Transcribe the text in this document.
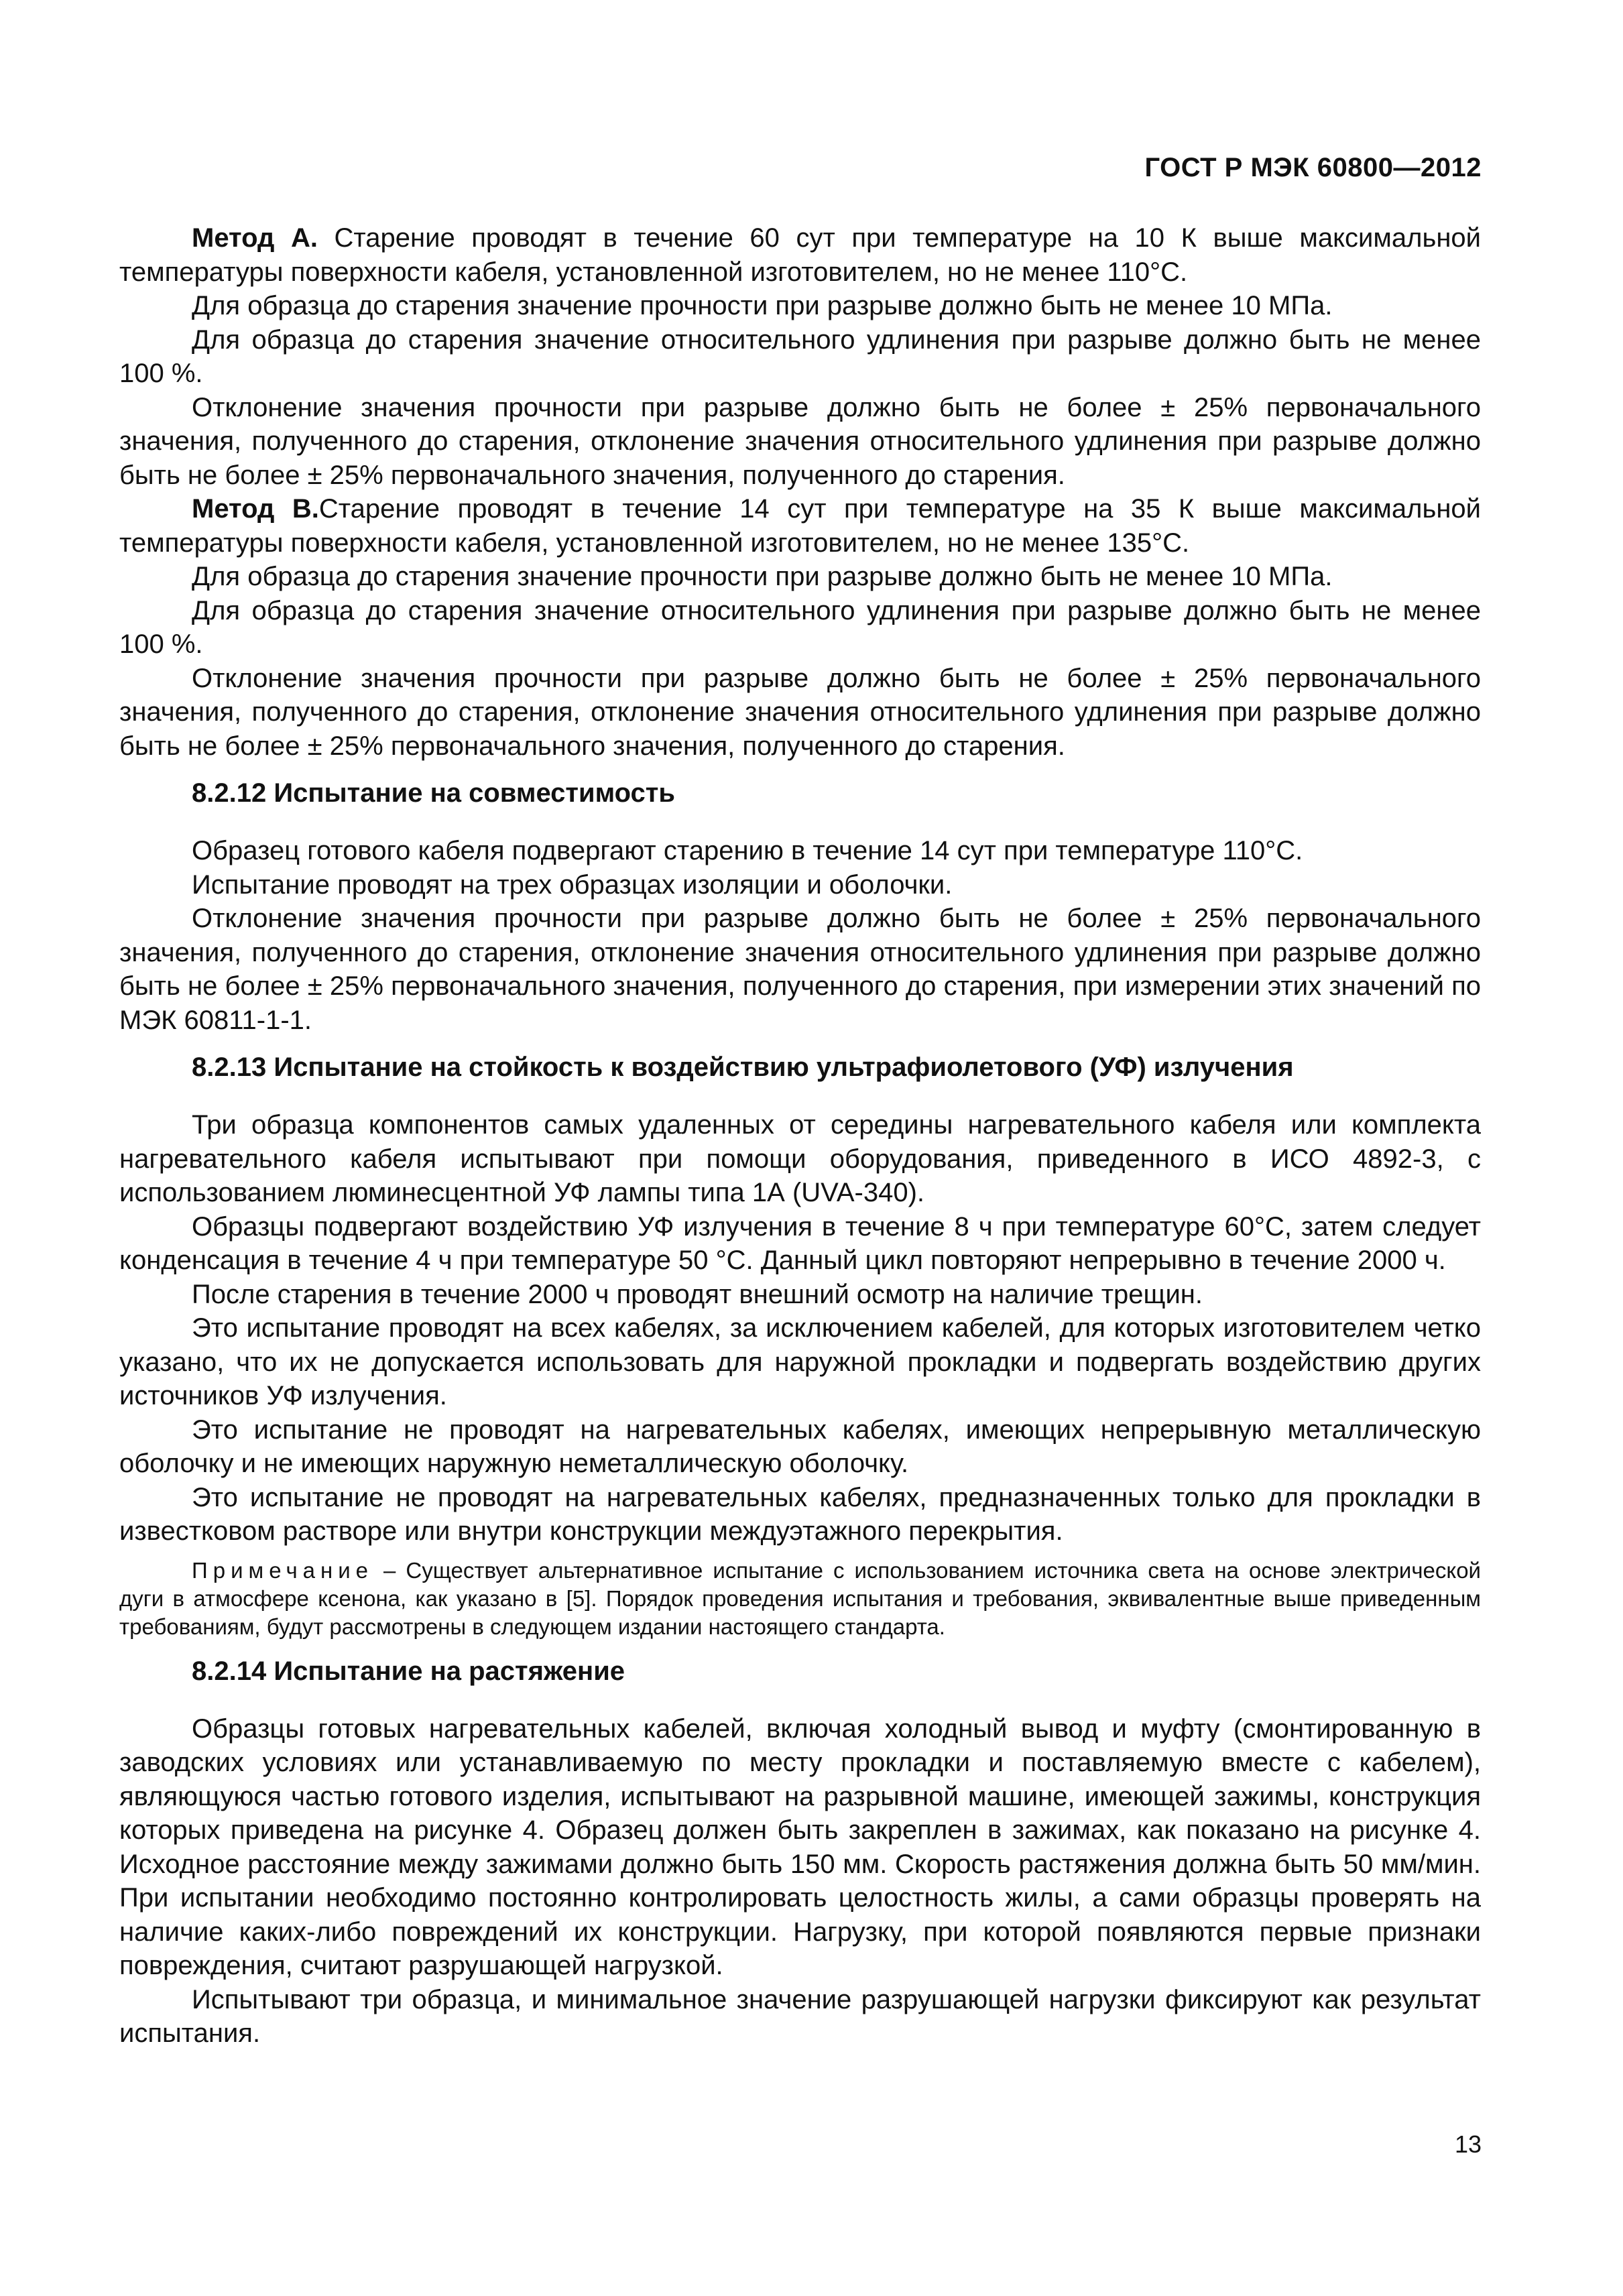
ГОСТ Р МЭК 60800—2012

Метод А. Старение проводят в течение 60 сут при температуре на 10 К выше максимальной температуры поверхности кабеля, установленной изготовителем, но не менее 110°С.

Для образца до старения значение прочности при разрыве должно быть не менее 10 МПа.

Для образца до старения значение относительного удлинения при разрыве должно быть не менее 100 %.

Отклонение значения прочности при разрыве должно быть не более ± 25% первоначального значения, полученного до старения, отклонение значения относительного удлинения при разрыве должно быть не более ± 25% первоначального значения, полученного до старения.

Метод В.Старение проводят в течение 14 сут при температуре на 35 К выше максимальной температуры поверхности кабеля, установленной изготовителем, но не менее 135°С.

Для образца до старения значение прочности при разрыве должно быть не менее 10 МПа.

Для образца до старения значение относительного удлинения при разрыве должно быть не менее 100 %.

Отклонение значения прочности при разрыве должно быть не более ± 25% первоначального значения, полученного до старения, отклонение значения относительного удлинения при разрыве должно быть не более ± 25% первоначального значения, полученного до старения.

8.2.12 Испытание на совместимость

Образец готового кабеля подвергают старению в течение 14 сут при температуре 110°С.

Испытание проводят на трех образцах изоляции и оболочки.

Отклонение значения прочности при разрыве должно быть не более ± 25% первоначального значения, полученного до старения, отклонение значения относительного удлинения при разрыве должно быть не более ± 25% первоначального значения, полученного до старения, при измерении этих значений по МЭК 60811-1-1.

8.2.13 Испытание на стойкость к воздействию ультрафиолетового (УФ) излучения

Три образца компонентов самых удаленных от середины нагревательного кабеля или комплекта нагревательного кабеля испытывают при помощи оборудования, приведенного в ИСО 4892-3, с использованием люминесцентной УФ лампы типа 1А (UVA-340).

Образцы подвергают воздействию УФ излучения в течение 8 ч при температуре 60°С, затем следует конденсация в течение 4 ч при температуре 50 °С. Данный цикл повторяют непрерывно в течение 2000 ч.

После старения в течение 2000 ч проводят внешний осмотр на наличие трещин.

Это испытание проводят на всех кабелях, за исключением кабелей, для которых изготовителем четко указано, что их не допускается использовать для наружной прокладки и подвергать воздействию других источников УФ излучения.

Это испытание не проводят на нагревательных кабелях, имеющих непрерывную металлическую оболочку и не имеющих наружную неметаллическую оболочку.

Это испытание не проводят на нагревательных кабелях, предназначенных только для прокладки в известковом растворе или внутри конструкции междуэтажного перекрытия.

Примечание – Существует альтернативное испытание с использованием источника света на основе электрической дуги в атмосфере ксенона, как указано в [5]. Порядок проведения испытания и требования, эквивалентные выше приведенным требованиям, будут рассмотрены в следующем издании настоящего стандарта.

8.2.14 Испытание на растяжение

Образцы готовых нагревательных кабелей, включая холодный вывод и муфту (смонтированную в заводских условиях или устанавливаемую по месту прокладки и поставляемую вместе с кабелем), являющуюся частью готового изделия, испытывают на разрывной машине, имеющей зажимы, конструкция которых приведена на рисунке 4. Образец должен быть закреплен в зажимах, как показано на рисунке 4. Исходное расстояние между зажимами должно быть 150 мм. Скорость растяжения должна быть 50 мм/мин. При испытании необходимо постоянно контролировать целостность жилы, а сами образцы проверять на наличие каких-либо повреждений их конструкции. Нагрузку, при которой появляются первые признаки повреждения, считают разрушающей нагрузкой.

Испытывают три образца, и минимальное значение разрушающей нагрузки фиксируют как результат испытания.

13
